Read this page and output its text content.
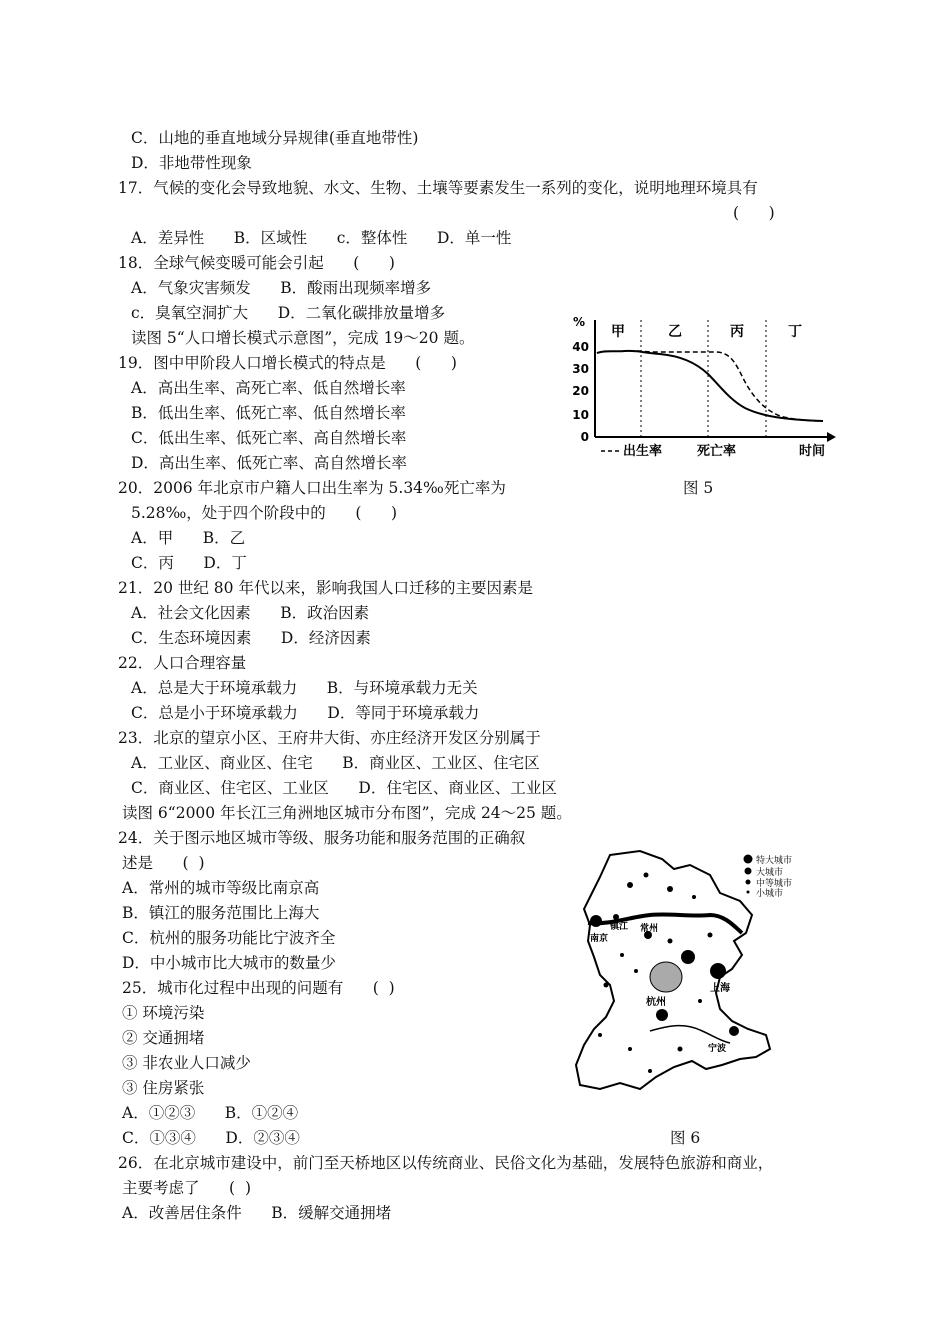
C．山地的垂直地域分异规律(垂直地带性)
D．非地带性现象
17．气候的变化会导致地貌、水文、生物、土壤等要素发生一系列的变化，说明地理环境具有
(      )
A．差异性      B．区域性      c．整体性      D．单一性
18．全球气候变暖可能会引起      (      )
A．气象灾害频发      B．酸雨出现频率增多
c．臭氧空洞扩大      D．二氧化碳排放量增多
读图 5“人口增长模式示意图”，完成 19～20 题。
19．图中甲阶段人口增长模式的特点是      (      )
A．高出生率、高死亡率、低自然增长率
B．低出生率、低死亡率、低自然增长率
C．低出生率、低死亡率、高自然增长率
D．高出生率、低死亡率、高自然增长率
20．2006 年北京市户籍人口出生率为 5.34‰死亡率为
5.28‰，处于四个阶段中的      (      )
A．甲      B．乙
C．丙      D．丁
21．20 世纪 80 年代以来，影响我国人口迁移的主要因素是
A．社会文化因素      B．政治因素
C．生态环境因素      D．经济因素
22．人口合理容量
A．总是大于环境承载力      B．与环境承载力无关
C．总是小于环境承载力      D．等同于环境承载力
23．北京的望京小区、王府井大街、亦庄经济开发区分别属于
A．工业区、商业区、住宅      B．商业区、工业区、住宅区
C．商业区、住宅区、工业区      D．住宅区、商业区、工业区
读图 6“2000 年长江三角洲地区城市分布图”，完成 24～25 题。
24．关于图示地区城市等级、服务功能和服务范围的正确叙
述是      (  )
A．常州的城市等级比南京高
B．镇江的服务范围比上海大
C．杭州的服务功能比宁波齐全
D．中小城市比大城市的数量少
25．城市化过程中出现的问题有      (  )
① 环境污染
② 交通拥堵
③ 非农业人口减少
③ 住房紧张
A．①②③      B．①②④
C．①③④      D．②③④
26．在北京城市建设中，前门至天桥地区以传统商业、民俗文化为基础，发展特色旅游和商业，
主要考虑了      (  )
A．改善居住条件      B．缓解交通拥堵
%
甲	乙	丙	丁
40
30
20
10
0
出生率	死亡率	时间
图 5
特大城市
大城市
中等城市
小城市
镇江
南京
常州
上海
杭州
宁波
图 6
